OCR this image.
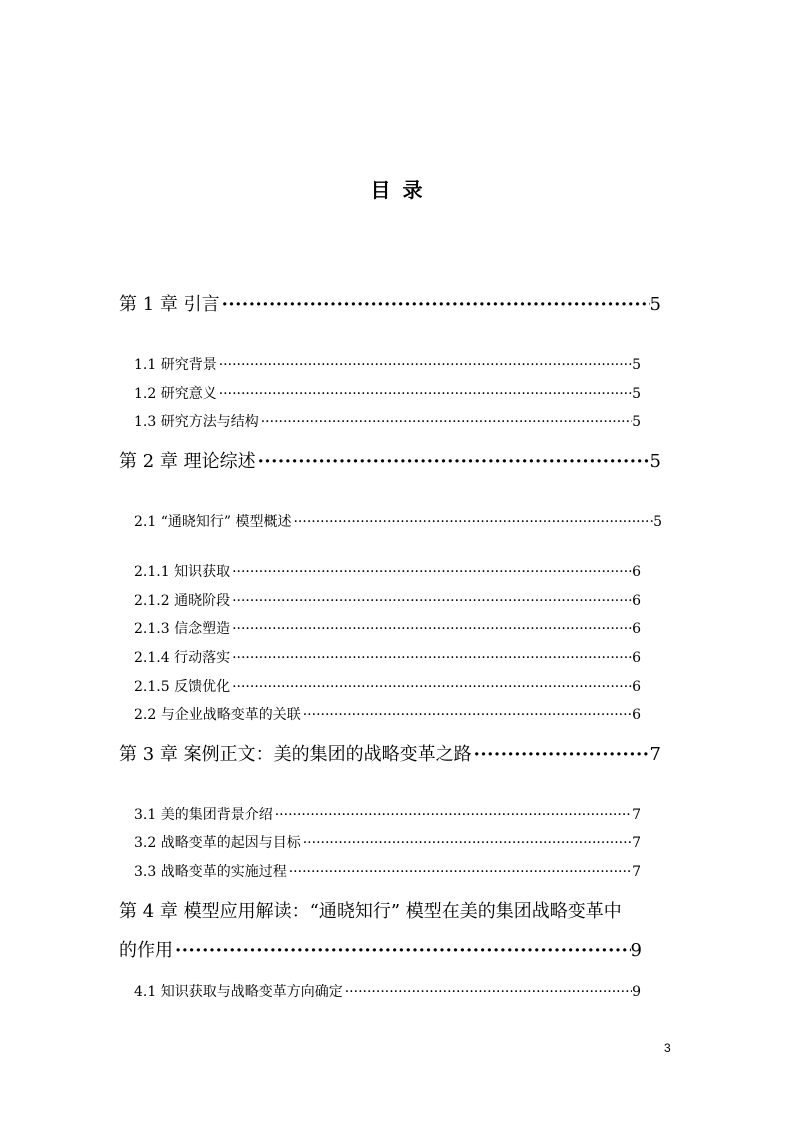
目录
第 1 章 引言 ·····	5
1.1 研究背景 ·····	5
1.2 研究意义 ·····	5
1.3 研究方法与结构 ·····	5
第 2 章 理论综述 ·····	5
2.1 “通晓知行” 模型概述 ·····	5
2.1.1 知识获取 ·····	6
2.1.2 通晓阶段 ·····	6
2.1.3 信念塑造 ·····	6
2.1.4 行动落实 ·····	6
2.1.5 反馈优化 ·····	6
2.2 与企业战略变革的关联 ·····	6
第 3 章 案例正文：美的集团的战略变革之路 ·····	7
3.1 美的集团背景介绍 ·····	7
3.2 战略变革的起因与目标 ·····	7
3.3 战略变革的实施过程 ·····	7
第 4 章 模型应用解读：“通晓知行” 模型在美的集团战略变革中
的作用 ·····	9
4.1 知识获取与战略变革方向确定 ·····	9
3
